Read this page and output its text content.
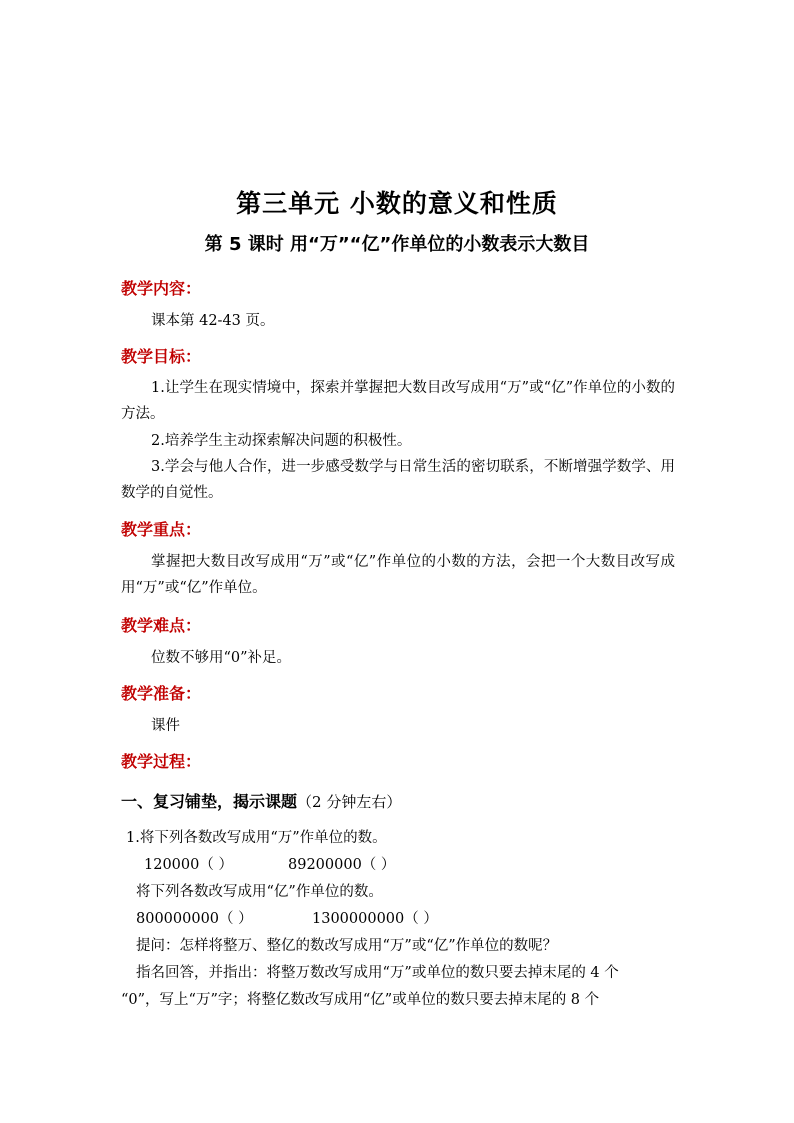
第三单元 小数的意义和性质
第 5 课时 用“万”“亿”作单位的小数表示大数目
教学内容：
课本第 42-43 页。
教学目标：
1.让学生在现实情境中，探索并掌握把大数目改写成用“万”或“亿”作单位的小数的方法。
2.培养学生主动探索解决问题的积极性。
3.学会与他人合作，进一步感受数学与日常生活的密切联系，不断增强学数学、用数学的自觉性。
教学重点：
掌握把大数目改写成用“万”或“亿”作单位的小数的方法，会把一个大数目改写成用“万”或“亿”作单位。
教学难点：
位数不够用“0”补足。
教学准备：
课件
教学过程：
一、复习铺垫，揭示课题（2 分钟左右）
1.将下列各数改写成用“万”作单位的数。
120000（ ）	89200000（ ）
将下列各数改写成用“亿”作单位的数。
800000000（ ）	1300000000（ ）
提问：怎样将整万、整亿的数改写成用“万”或“亿”作单位的数呢？
指名回答，并指出：将整万数改写成用“万”或单位的数只要去掉末尾的 4 个
“0”，写上“万”字；将整亿数改写成用“亿”或单位的数只要去掉末尾的 8 个
